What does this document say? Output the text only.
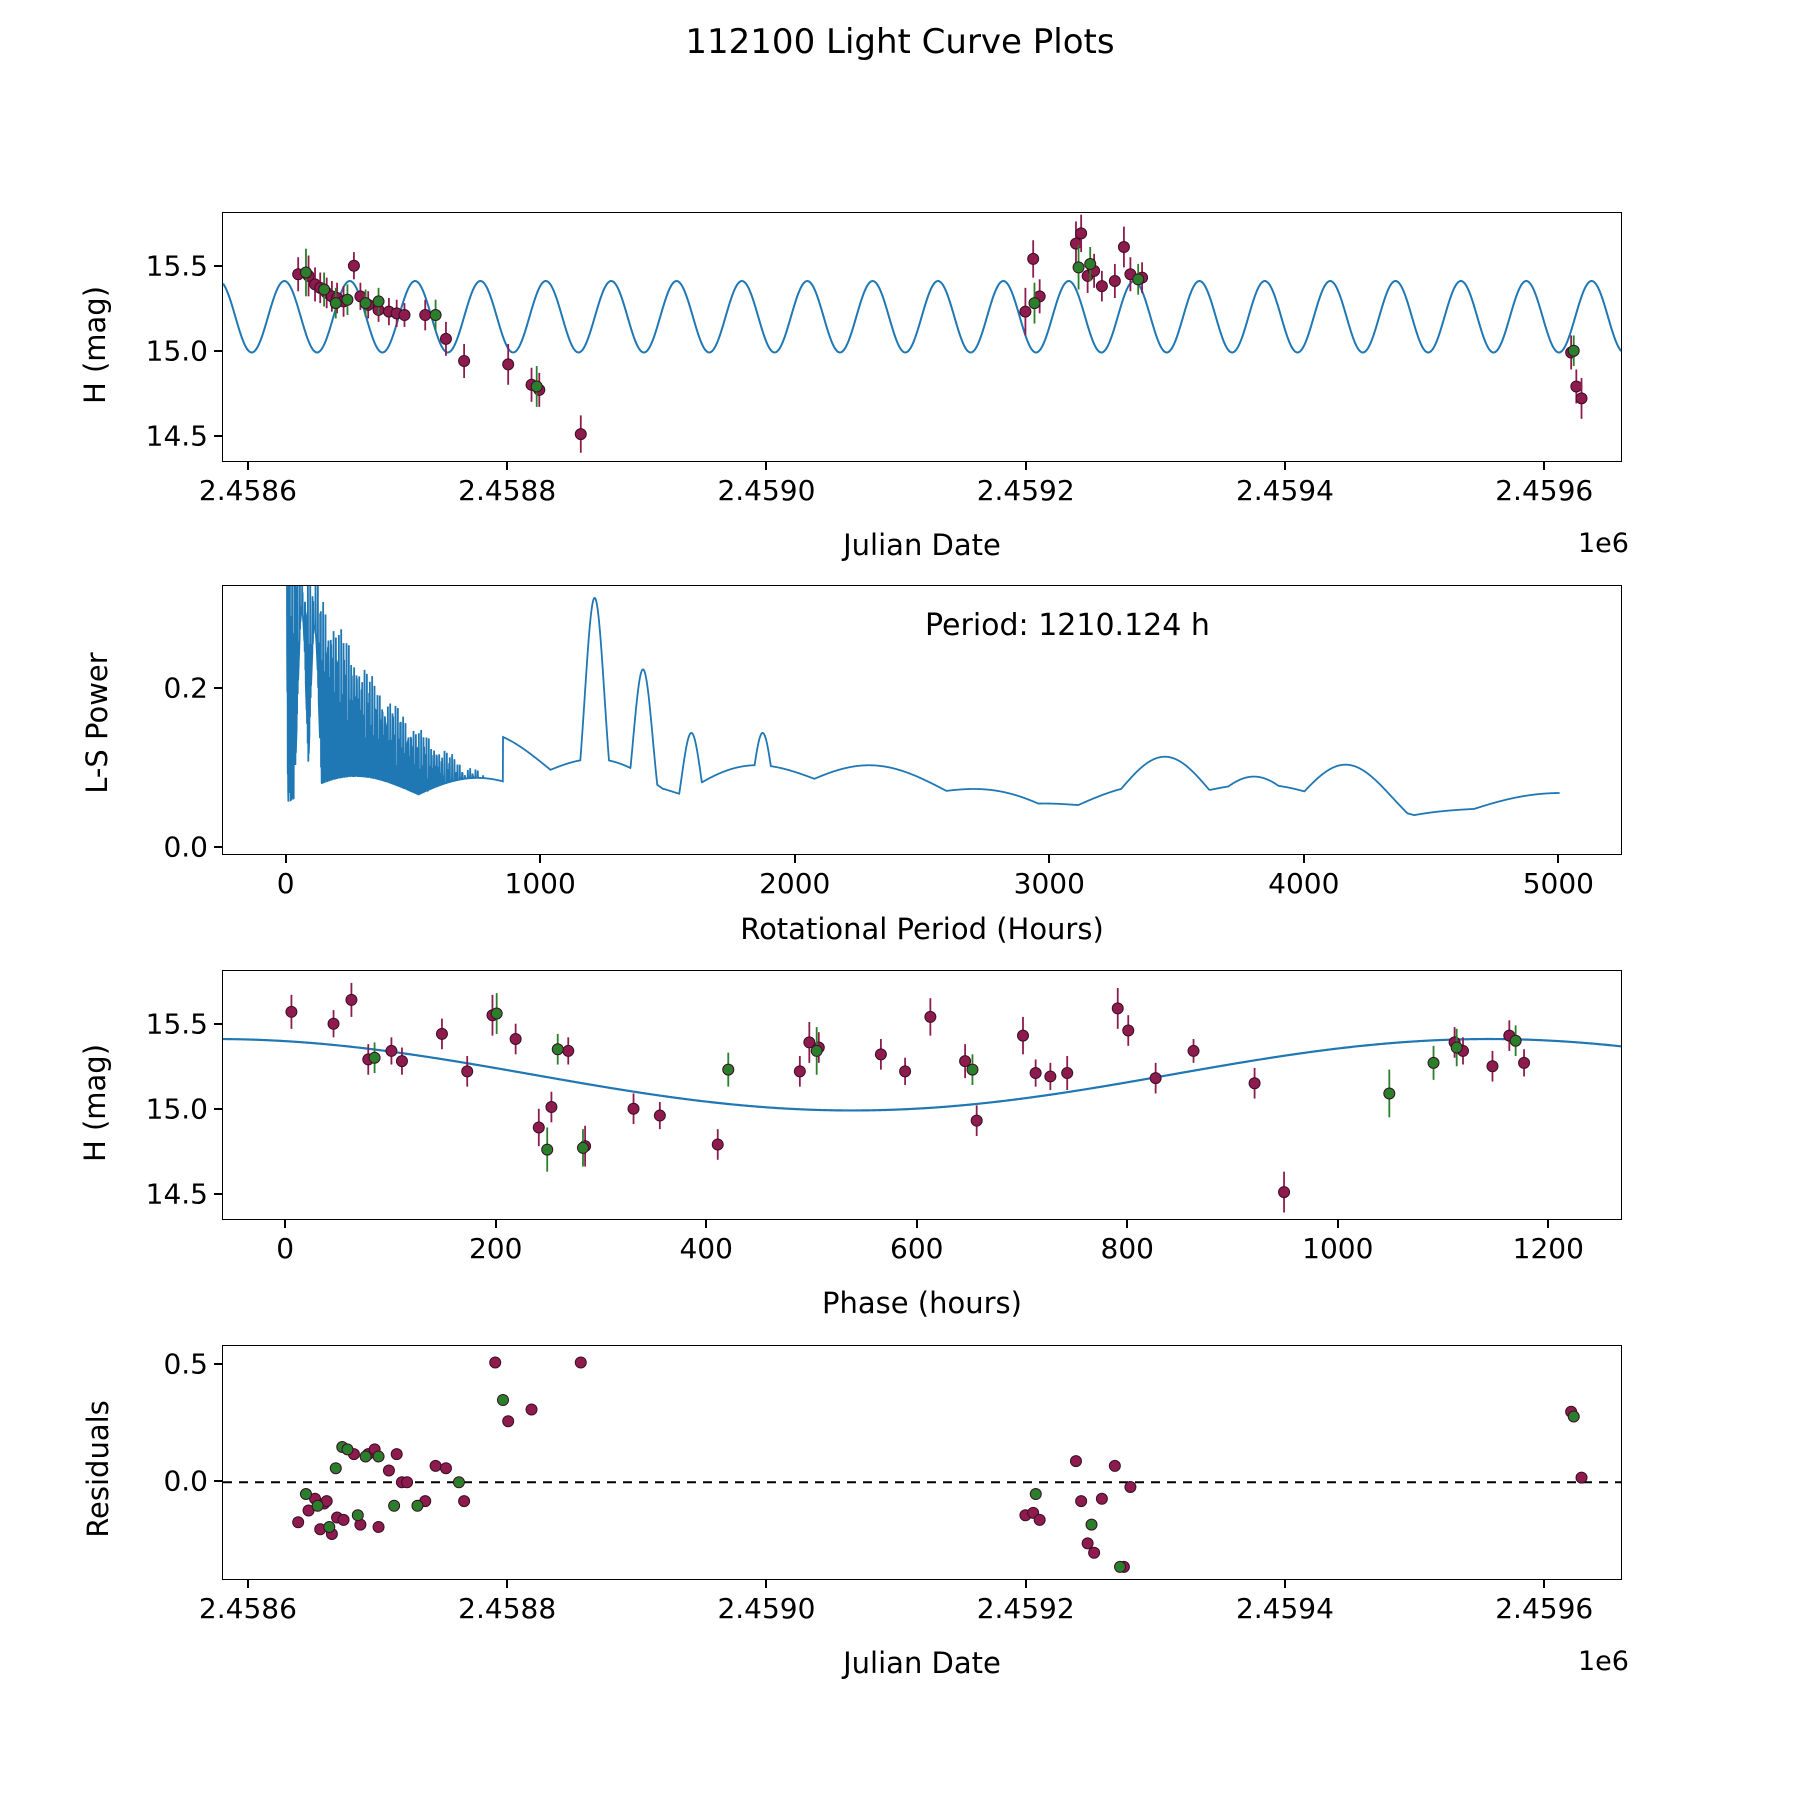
112100 Light Curve Plots
H (mag)
Julian Date	1e6
L-S Power
Rotational Period (Hours)
Period: 1210.124 h
H (mag)
Phase (hours)
Residuals
Julian Date	1e6
2.4586	2.4588	2.4590	2.4592	2.4594	2.4596
14.5
15.0
15.5
0	1000	2000	3000	4000	5000
0.0
0.2
0	200	400	600	800	1000	1200
14.5
15.0
15.5
2.4586	2.4588	2.4590	2.4592	2.4594	2.4596
0.0
0.5
